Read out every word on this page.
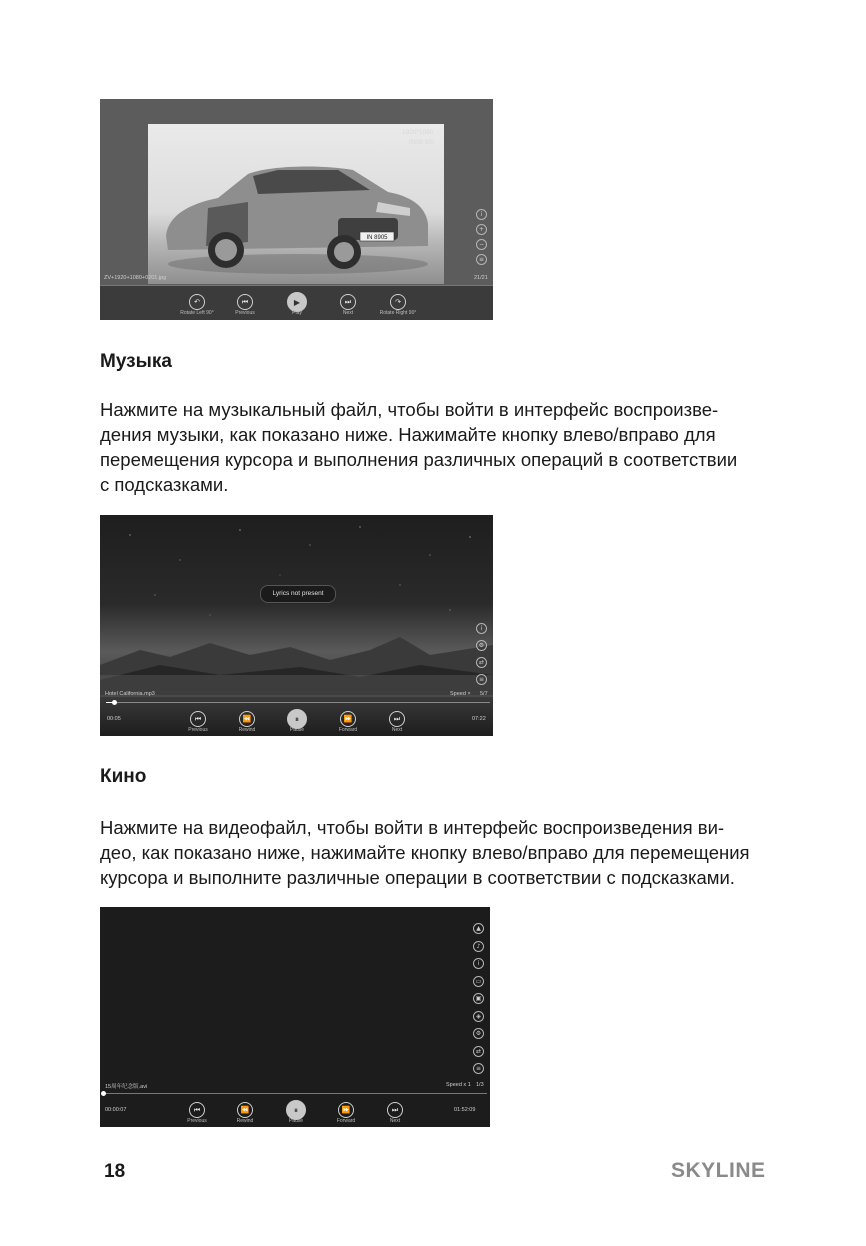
IN 8905
1920*1080
RGB 8/0
ZV+1920+1080+0201.jpg	21/21
i
+
−
≡
↶
Rotate Left 90°
⏮
Previous
▶
Play
⏭
Next
↷
Rotate Right 90°
Музыка
Нажмите на музыкальный файл, чтобы войти в интерфейс воспроизве-
дения музыки, как показано ниже. Нажимайте кнопку влево/вправо для
перемещения курсора и выполнения различных операций в соответствии
с подсказками.
Lyrics not present
i
⚙
⇄
≡
Hotel California.mp3	Speed × 5/7
00:05	07:22
⏮
Previous
⏪
Rewind
⏸
Pause
⏩
Forward
⏭
Next
Кино
Нажмите на видеофайл, чтобы войти в интерфейс воспроизведения ви-
део, как показано ниже, нажимайте кнопку влево/вправо для перемещения
курсора и выполните различные операции в соответствии с подсказками.
▲
♪
i
▭
▣
◈
⚙
⇄
≡
15周年纪念版.avi	Speed x 1 1/3
00:00:07	01:52:09
⏮
Previous
⏪
Rewind
⏸
Pause
⏩
Forward
⏭
Next
18	SKYLINE
